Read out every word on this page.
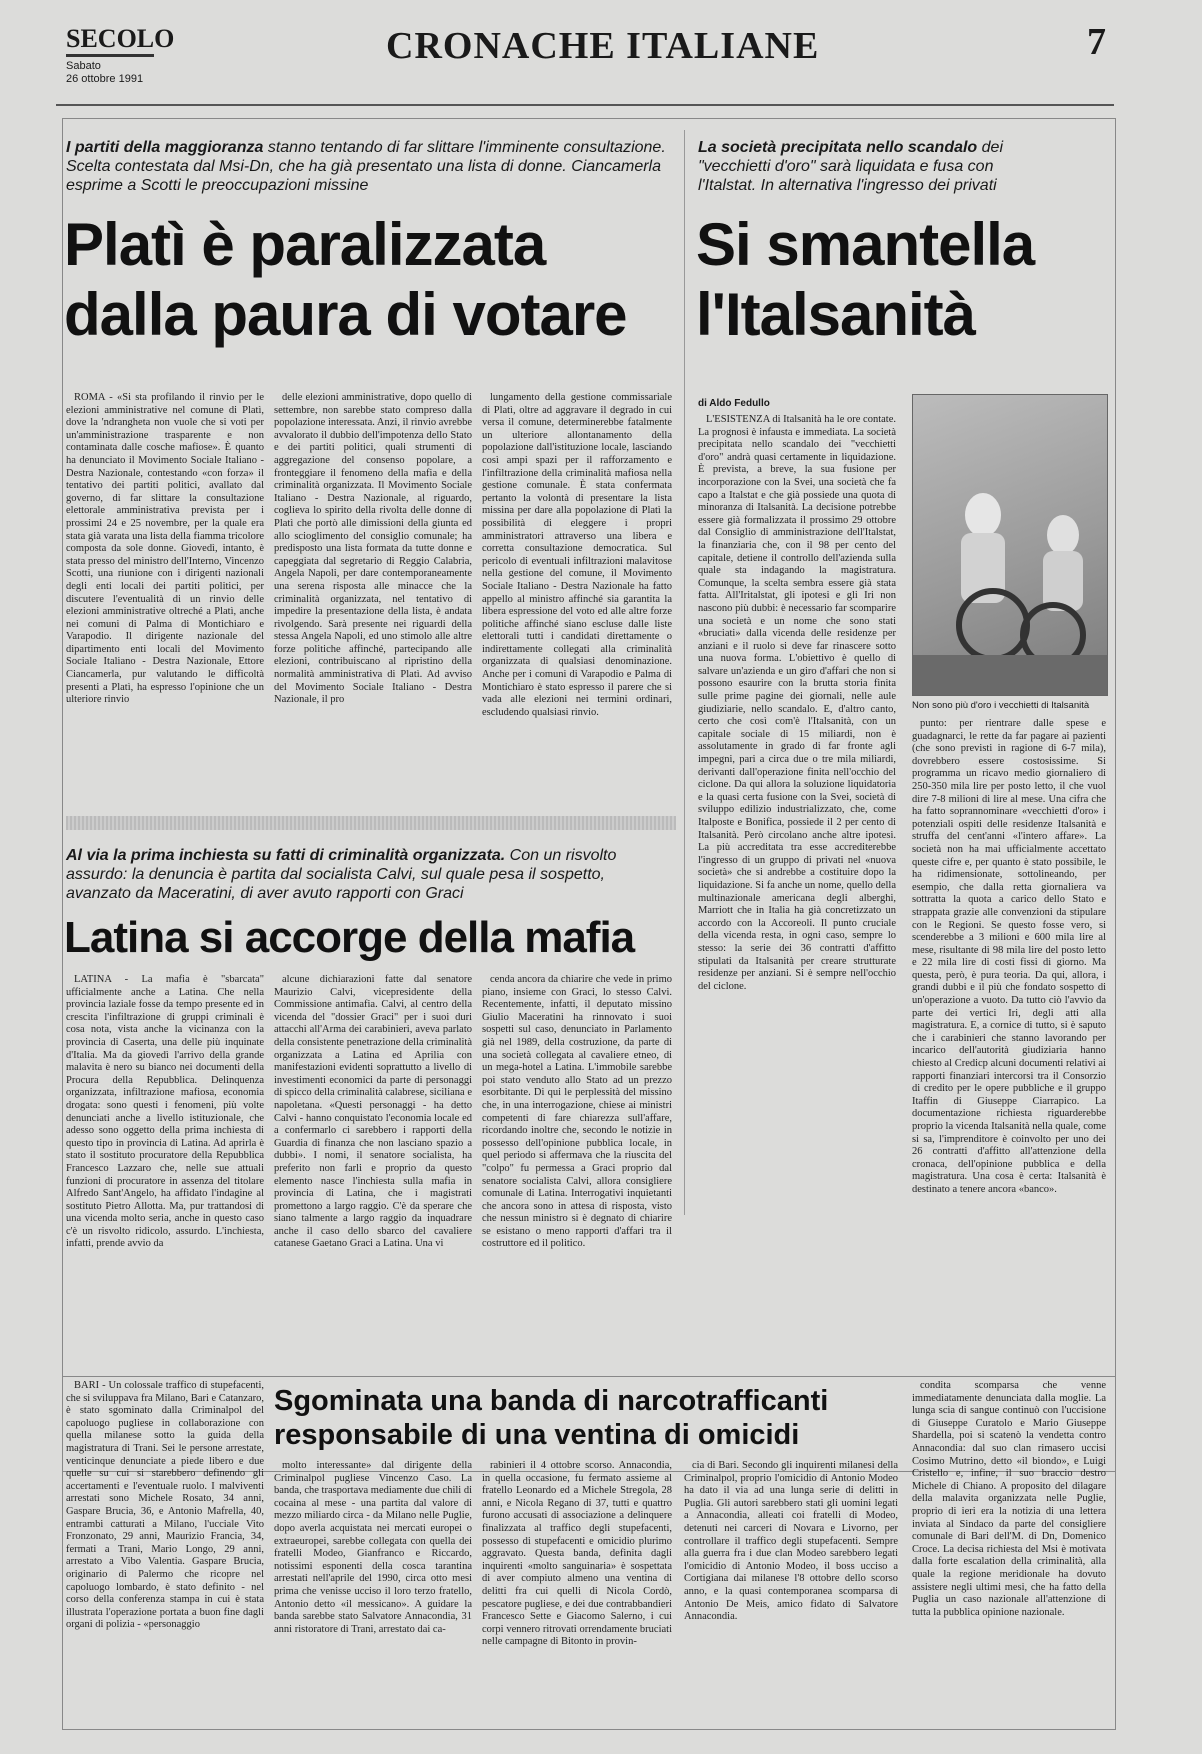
SECOLO
Sabato
26 ottobre 1991
CRONACHE ITALIANE	7

I partiti della maggioranza stanno tentando di far slittare l'imminente consultazione. Scelta contestata dal Msi-Dn, che ha già presentato una lista di donne. Ciancamerla esprime a Scotti le preoccupazioni missine

Platì è paralizzata
dalla paura di votare

ROMA - «Si sta profilando il rinvio per le elezioni amministrative nel comune di Platì, dove la 'ndrangheta non vuole che si voti per un'amministrazione trasparente e non contaminata dalle cosche mafiose». È quanto ha denunciato il Movimento Sociale Italiano - Destra Nazionale, contestando «con forza» il tentativo dei partiti politici, avallato dal governo, di far slittare la consultazione elettorale amministrativa prevista per i prossimi 24 e 25 novembre, per la quale era stata già varata una lista della fiamma tricolore composta da sole donne. Giovedì, intanto, è stata presso del ministro dell'Interno, Vincenzo Scotti, una riunione con i dirigenti nazionali degli enti locali dei partiti politici, per discutere l'eventualità di un rinvio delle elezioni amministrative oltreché a Platì, anche nei comuni di Palma di Montichiaro e Varapodio. Il dirigente nazionale del dipartimento enti locali del Movimento Sociale Italiano - Destra Nazionale, Ettore Ciancamerla, pur valutando le difficoltà presenti a Platì, ha espresso l'opinione che un ulteriore rinvio

delle elezioni amministrative, dopo quello di settembre, non sarebbe stato compreso dalla popolazione interessata. Anzi, il rinvio avrebbe avvalorato il dubbio dell'impotenza dello Stato e dei partiti politici, quali strumenti di aggregazione del consenso popolare, a fronteggiare il fenomeno della mafia e della criminalità organizzata. Il Movimento Sociale Italiano - Destra Nazionale, al riguardo, coglieva lo spirito della rivolta delle donne di Platì che portò alle dimissioni della giunta ed allo scioglimento del consiglio comunale; ha predisposto una lista formata da tutte donne e capeggiata dal segretario di Reggio Calabria, Angela Napoli, per dare contemporaneamente una serena risposta alle minacce che la criminalità organizzata, nel tentativo di impedire la presentazione della lista, è andata rivolgendo. Sarà presente nei riguardi della stessa Angela Napoli, ed uno stimolo alle altre forze politiche affinché, partecipando alle elezioni, contribuiscano al ripristino della normalità amministrativa di Platì. Ad avviso del Movimento Sociale Italiano - Destra Nazionale, il pro

lungamento della gestione commissariale di Platì, oltre ad aggravare il degrado in cui versa il comune, determinerebbe fatalmente un ulteriore allontanamento della popolazione dall'istituzione locale, lasciando così ampi spazi per il rafforzamento e l'infiltrazione della criminalità mafiosa nella gestione comunale. È stata confermata pertanto la volontà di presentare la lista missina per dare alla popolazione di Platì la possibilità di eleggere i propri amministratori attraverso una libera e corretta consultazione democratica. Sul pericolo di eventuali infiltrazioni malavitose nella gestione del comune, il Movimento Sociale Italiano - Destra Nazionale ha fatto appello al ministro affinché sia garantita la libera espressione del voto ed alle altre forze politiche affinché siano escluse dalle liste elettorali tutti i candidati direttamente o indirettamente collegati alla criminalità organizzata di qualsiasi denominazione. Anche per i comuni di Varapodio e Palma di Montichiaro è stato espresso il parere che si vada alle elezioni nei termini ordinari, escludendo qualsiasi rinvio.

La società precipitata nello scandalo dei "vecchietti d'oro" sarà liquidata e fusa con l'Italstat. In alternativa l'ingresso dei privati

Si smantella
l'Italsanità
di Aldo Fedullo

L'ESISTENZA di Italsanità ha le ore contate. La prognosi è infausta e immediata. La società precipitata nello scandalo dei "vecchietti d'oro" andrà quasi certamente in liquidazione. È prevista, a breve, la sua fusione per incorporazione con la Svei, una società che fa capo a Italstat e che già possiede una quota di minoranza di Italsanità. La decisione potrebbe essere già formalizzata il prossimo 29 ottobre dal Consiglio di amministrazione dell'Italstat, la finanziaria che, con il 98 per cento del capitale, detiene il controllo dell'azienda sulla quale sta indagando la magistratura. Comunque, la scelta sembra essere già stata fatta. All'Iritalstat, gli ipotesi e gli Iri non nascono più dubbi: è necessario far scomparire una società e un nome che sono stati «bruciati» dalla vicenda delle residenze per anziani e il ruolo si deve far rinascere sotto una nuova forma. L'obiettivo è quello di salvare un'azienda e un giro d'affari che non si possono esaurire con la brutta storia finita sulle prime pagine dei giornali, nelle aule giudiziarie, nello scandalo. E, d'altro canto, certo che così com'è l'Italsanità, con un capitale sociale di 15 miliardi, non è assolutamente in grado di far fronte agli impegni, pari a circa due o tre mila miliardi, derivanti dall'operazione finita nell'occhio del ciclone. Da qui allora la soluzione liquidatoria e la quasi certa fusione con la Svei, società di sviluppo edilizio industrializzato, che, come Italposte e Bonifica, possiede il 2 per cento di Italsanità. Però circolano anche altre ipotesi. La più accreditata tra esse accrediterebbe l'ingresso di un gruppo di privati nel «nuova società» che si andrebbe a costituire dopo la liquidazione. Si fa anche un nome, quello della multinazionale americana degli alberghi, Marriott che in Italia ha già concretizzato un accordo con la Accoreoli. Il punto cruciale della vicenda resta, in ogni caso, sempre lo stesso: la serie dei 36 contratti d'affitto stipulati da Italsanità per creare strutturate residenze per anziani. Si è sempre nell'occhio del ciclone.

Non sono più d'oro i vecchietti di Italsanità

punto: per rientrare dalle spese e guadagnarci, le rette da far pagare ai pazienti (che sono previsti in ragione di 6-7 mila), dovrebbero essere costosissime. Si programma un ricavo medio giornaliero di 250-350 mila lire per posto letto, il che vuol dire 7-8 milioni di lire al mese. Una cifra che ha fatto soprannominare «vecchietti d'oro» i potenziali ospiti delle residenze Italsanità e struffa del cent'anni «l'intero affare». La società non ha mai ufficialmente accettato queste cifre e, per quanto è stato possibile, le ha ridimensionate, sottolineando, per esempio, che dalla retta giornaliera va sottratta la quota a carico dello Stato e strappata grazie alle convenzioni da stipulare con le Regioni. Se questo fosse vero, si scenderebbe a 3 milioni e 600 mila lire al mese, risultante di 98 mila lire del posto letto e 22 mila lire di costi fissi di giorno. Ma questa, però, è pura teoria. Da qui, allora, i grandi dubbi e il più che fondato sospetto di un'operazione a vuoto. Da tutto ciò l'avvio da parte dei vertici Iri, degli atti alla magistratura. E, a cornice di tutto, si è saputo che i carabinieri che stanno lavorando per incarico dell'autorità giudiziaria hanno chiesto al Credicp alcuni documenti relativi ai rapporti finanziari intercorsi tra il Consorzio di credito per le opere pubbliche e il gruppo Itaffin di Giuseppe Ciarrapico. La documentazione richiesta riguarderebbe proprio la vicenda Italsanità nella quale, come si sa, l'imprenditore è coinvolto per uno dei 26 contratti d'affitto all'attenzione della cronaca, dell'opinione pubblica e della magistratura. Una cosa è certa: Italsanità è destinato a tenere ancora «banco».

Al via la prima inchiesta su fatti di criminalità organizzata. Con un risvolto assurdo: la denuncia è partita dal socialista Calvi, sul quale pesa il sospetto, avanzato da Maceratini, di aver avuto rapporti con Graci

Latina si accorge della mafia

LATINA - La mafia è "sbarcata" ufficialmente anche a Latina. Che nella provincia laziale fosse da tempo presente ed in crescita l'infiltrazione di gruppi criminali è cosa nota, vista anche la vicinanza con la provincia di Caserta, una delle più inquinate d'Italia. Ma da giovedì l'arrivo della grande malavita è nero su bianco nei documenti della Procura della Repubblica. Delinquenza organizzata, infiltrazione mafiosa, economia drogata: sono questi i fenomeni, più volte denunciati anche a livello istituzionale, che adesso sono oggetto della prima inchiesta di questo tipo in provincia di Latina. Ad aprirla è stato il sostituto procuratore della Repubblica Francesco Lazzaro che, nelle sue attuali funzioni di procuratore in assenza del titolare Alfredo Sant'Angelo, ha affidato l'indagine al sostituto Pietro Allotta. Ma, pur trattandosi di una vicenda molto seria, anche in questo caso c'è un risvolto ridicolo, assurdo. L'inchiesta, infatti, prende avvio da

alcune dichiarazioni fatte dal senatore Maurizio Calvi, vicepresidente della Commissione antimafia. Calvi, al centro della vicenda del "dossier Graci" per i suoi duri attacchi all'Arma dei carabinieri, aveva parlato della consistente penetrazione della criminalità organizzata a Latina ed Aprilia con manifestazioni evidenti soprattutto a livello di investimenti economici da parte di personaggi di spicco della criminalità calabrese, siciliana e napoletana. «Questi personaggi - ha detto Calvi - hanno conquistato l'economia locale ed a confermarlo ci sarebbero i rapporti della Guardia di finanza che non lasciano spazio a dubbi». I nomi, il senatore socialista, ha preferito non farli e proprio da questo elemento nasce l'inchiesta sulla mafia in provincia di Latina, che i magistrati promettono a largo raggio. C'è da sperare che siano talmente a largo raggio da inquadrare anche il caso dello sbarco del cavaliere catanese Gaetano Graci a Latina. Una vi

cenda ancora da chiarire che vede in primo piano, insieme con Graci, lo stesso Calvi. Recentemente, infatti, il deputato missino Giulio Maceratini ha rinnovato i suoi sospetti sul caso, denunciato in Parlamento già nel 1989, della costruzione, da parte di una società collegata al cavaliere etneo, di un mega-hotel a Latina. L'immobile sarebbe poi stato venduto allo Stato ad un prezzo esorbitante. Di qui le perplessità del missino che, in una interrogazione, chiese ai ministri competenti di fare chiarezza sull'affare, ricordando inoltre che, secondo le notizie in possesso dell'opinione pubblica locale, in quel periodo si affermava che la riuscita del "colpo" fu permessa a Graci proprio dal senatore socialista Calvi, allora consigliere comunale di Latina. Interrogativi inquietanti che ancora sono in attesa di risposta, visto che nessun ministro si è degnato di chiarire se esistano o meno rapporti d'affari tra il costruttore ed il politico.

BARI - Un colossale traffico di stupefacenti, che si sviluppava fra Milano, Bari e Catanzaro, è stato sgominato dalla Criminalpol del capoluogo pugliese in collaborazione con quella milanese sotto la guida della magistratura di Trani. Sei le persone arrestate, venticinque denunciate a piede libero e due quelle su cui si starebbero definendo gli accertamenti e l'eventuale ruolo. I malviventi arrestati sono Michele Rosato, 34 anni, Gaspare Brucia, 36, e Antonio Mafrella, 40, entrambi catturati a Milano, l'ucciale Vito Fronzonato, 29 anni, Maurizio Francia, 34, fermati a Trani, Mario Longo, 29 anni, arrestato a Vibo Valentia. Gaspare Brucia, originario di Palermo che ricopre nel capoluogo lombardo, è stato definito - nel corso della conferenza stampa in cui è stata illustrata l'operazione portata a buon fine dagli organi di polizia - «personaggio

Sgominata una banda di narcotrafficanti
responsabile di una ventina di omicidi

molto interessante» dal dirigente della Criminalpol pugliese Vincenzo Caso. La banda, che trasportava mediamente due chili di cocaina al mese - una partita dal valore di mezzo miliardo circa - da Milano nelle Puglie, dopo averla acquistata nei mercati europei o extraeuropei, sarebbe collegata con quella dei fratelli Modeo, Gianfranco e Riccardo, notissimi esponenti della cosca tarantina arrestati nell'aprile del 1990, circa otto mesi prima che venisse ucciso il loro terzo fratello, Antonio detto «il messicano». A guidare la banda sarebbe stato Salvatore Annacondia, 31 anni ristoratore di Trani, arrestato dai ca-

rabinieri il 4 ottobre scorso. Annacondia, in quella occasione, fu fermato assieme al fratello Leonardo ed a Michele Stregola, 28 anni, e Nicola Regano di 37, tutti e quattro furono accusati di associazione a delinquere finalizzata al traffico degli stupefacenti, possesso di stupefacenti e omicidio plurimo aggravato. Questa banda, definita dagli inquirenti «molto sanguinaria» è sospettata di aver compiuto almeno una ventina di delitti fra cui quelli di Nicola Cordò, pescatore pugliese, e dei due contrabbandieri Francesco Sette e Giacomo Salerno, i cui corpi vennero ritrovati orrendamente bruciati nelle campagne di Bitonto in provin-

cia di Bari. Secondo gli inquirenti milanesi della Criminalpol, proprio l'omicidio di Antonio Modeo ha dato il via ad una lunga serie di delitti in Puglia. Gli autori sarebbero stati gli uomini legati a Annacondia, alleati coi fratelli di Modeo, detenuti nei carceri di Novara e Livorno, per controllare il traffico degli stupefacenti. Sempre alla guerra fra i due clan Modeo sarebbero legati l'omicidio di Antonio Modeo, il boss ucciso a Cortigiana dai milanese l'8 ottobre dello scorso anno, e la quasi contemporanea scomparsa di Antonio De Meis, amico fidato di Salvatore Annacondia.

condita scomparsa che venne immediatamente denunciata dalla moglie. La lunga scia di sangue continuò con l'uccisione di Giuseppe Curatolo e Mario Giuseppe Shardella, poi si scatenò la vendetta contro Annacondia: dal suo clan rimasero uccisi Cosimo Mutrino, detto «il biondo», e Luigi Cristello e, infine, il suo braccio destro Michele di Chiano. A proposito del dilagare della malavita organizzata nelle Puglie, proprio di ieri era la notizia di una lettera inviata al Sindaco da parte del consigliere comunale di Bari dell'M. di Dn, Domenico Croce. La decisa richiesta del Msi è motivata dalla forte escalation della criminalità, alla quale la regione meridionale ha dovuto assistere negli ultimi mesi, che ha fatto della Puglia un caso nazionale all'attenzione di tutta la pubblica opinione nazionale.
